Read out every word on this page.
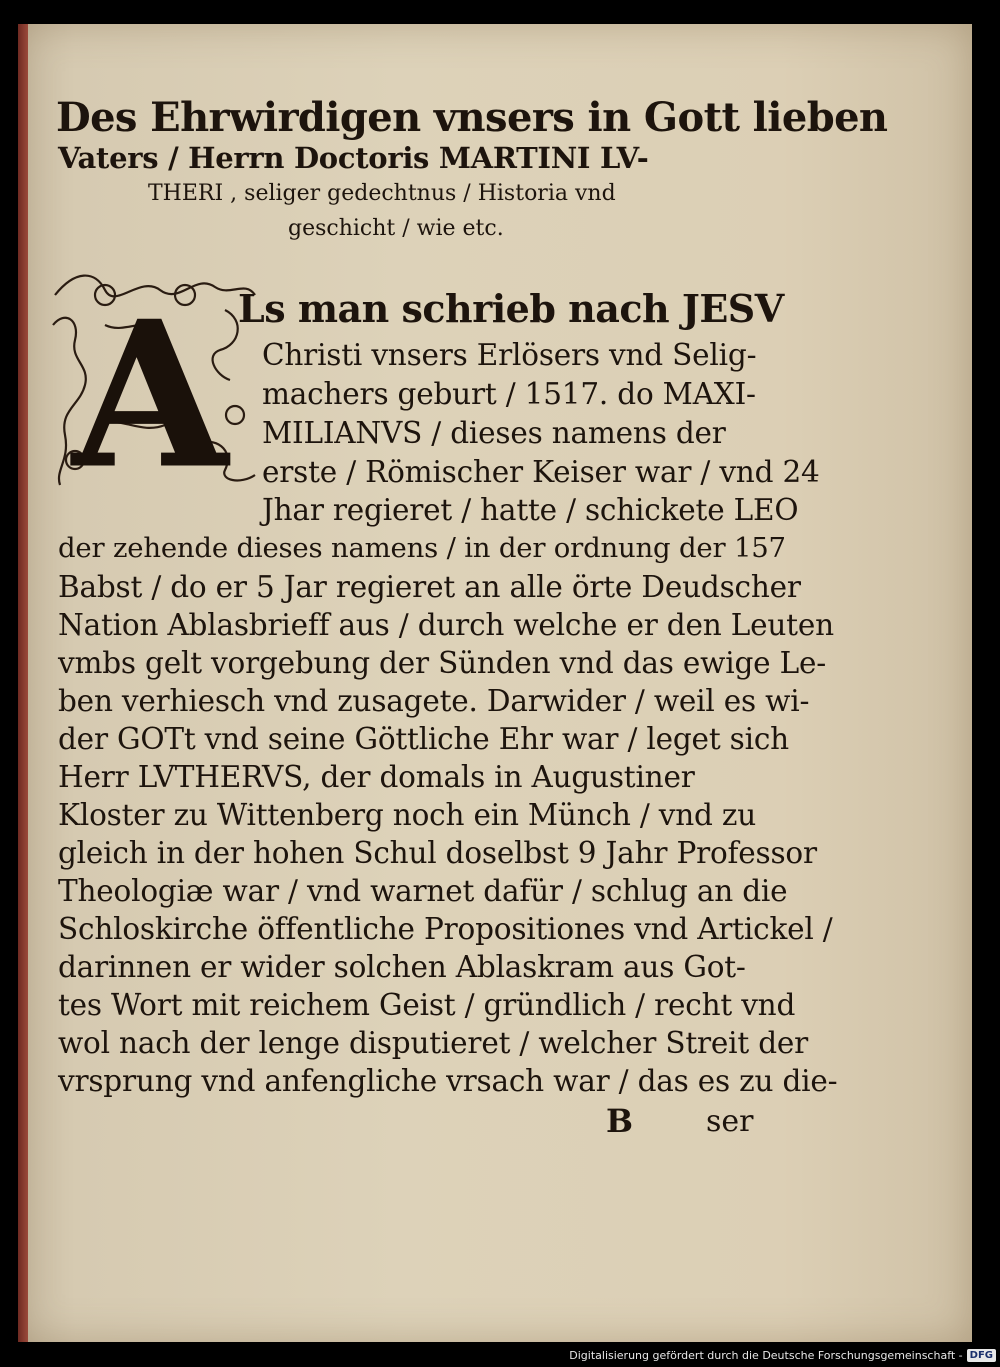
Des Ehrwirdigen vnsers in Gott lieben
Vaters / Herrn Doctoris MARTINI LV-
THERI , seliger gedechtnus / Historia vnd
geschicht / wie etc.
A Ls man schrieb nach JESV
Christi vnsers Erlösers vnd Selig-
machers geburt / 1517. do MAXI-
MILIANVS / dieses namens der
erste / Römischer Keiser war / vnd 24
Jhar regieret / hatte / schickete LEO
der zehende dieses namens / in der ordnung der 157
Babst / do er 5 Jar regieret an alle örte Deudscher
Nation Ablasbrieff aus / durch welche er den Leuten
vmbs gelt vorgebung der Sünden vnd das ewige Le-
ben verhiesch vnd zusagete. Darwider / weil es wi-
der GOTt vnd seine Göttliche Ehr war / leget sich
Herr LVTHERVS, der domals in Augustiner
Kloster zu Wittenberg noch ein Münch / vnd zu
gleich in der hohen Schul doselbst 9 Jahr Professor
Theologiæ war / vnd warnet dafür / schlug an die
Schloskirche öffentliche Propositiones vnd Artickel /
darinnen er wider solchen Ablaskram aus Got-
tes Wort mit reichem Geist / gründlich / recht vnd
wol nach der lenge disputieret / welcher Streit der
vrsprung vnd anfengliche vrsach war / das es zu die-
B ser
Digitalisierung gefördert durch die Deutsche Forschungsgemeinschaft - DFG
